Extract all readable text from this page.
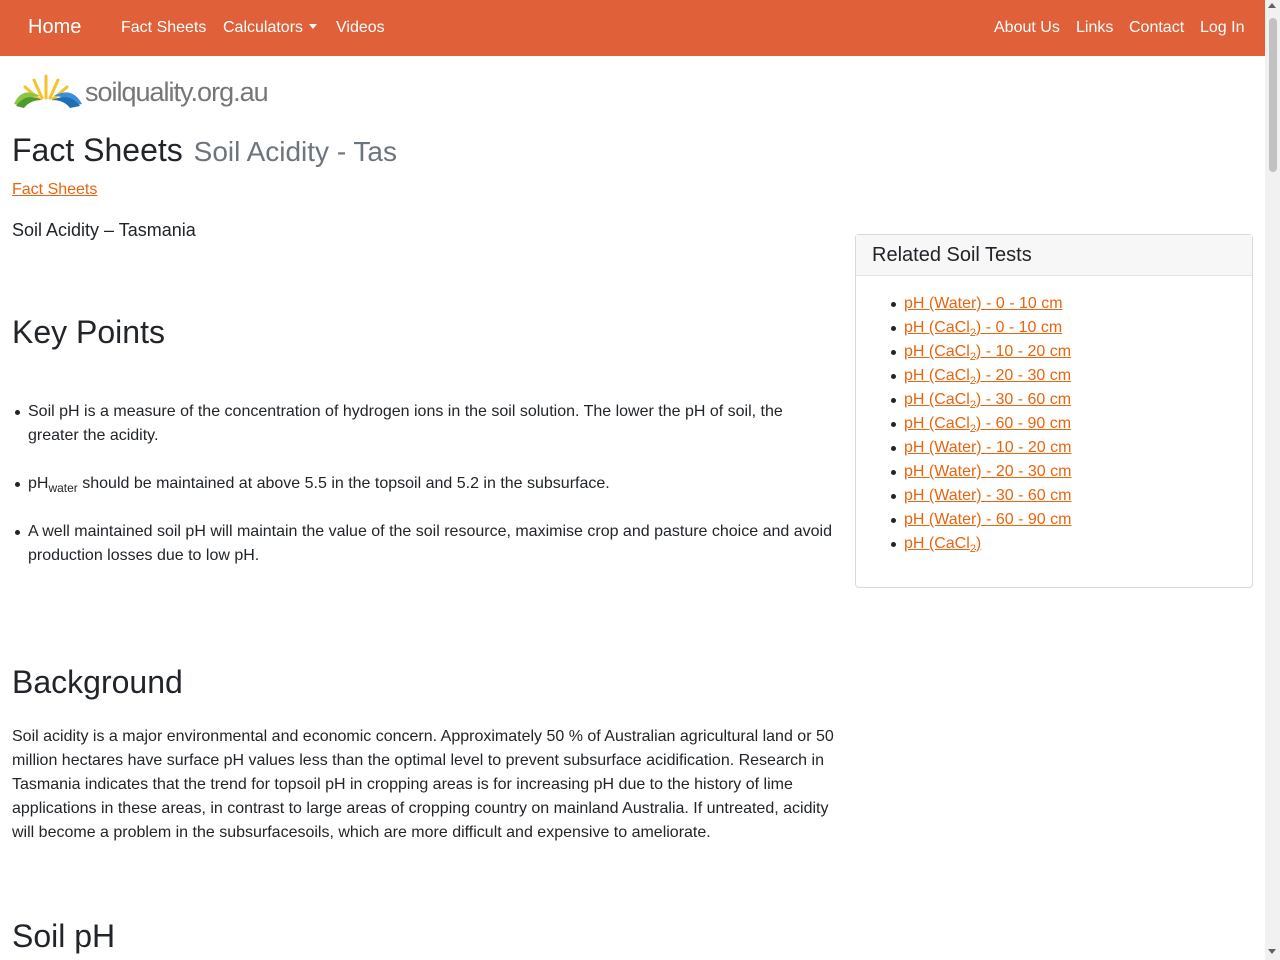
Home Fact Sheets Calculators	Videos	About Us Links Contact Log In
soilquality.org.au
Fact Sheets Soil Acidity - Tas
Fact Sheets
Soil Acidity – Tasmania
Key Points
Soil pH is a measure of the concentration of hydrogen ions in the soil solution. The lower the pH of soil, the greater the acidity.
$pH_{water}$ should be maintained at above 5.5 in the topsoil and 5.2 in the subsurface.
A well maintained soil pH will maintain the value of the soil resource, maximise crop and pasture choice and avoid production losses due to low pH.
Background

Soil acidity is a major environmental and economic concern. Approximately 50 % of Australian agricultural land or 50 million hectares have surface pH values less than the optimal level to prevent subsurface acidification. Research in Tasmania indicates that the trend for topsoil pH in cropping areas is for increasing pH due to the history of lime applications in these areas, in contrast to large areas of cropping country on mainland Australia. If untreated, acidity will become a problem in the subsurfacesoils, which are more difficult and expensive to ameliorate.

Soil pH
Related Soil Tests
pH (Water) - 0 - 10 cm
pH (CaCl$_2$) - 0 - 10 cm
pH (CaCl$_2$) - 10 - 20 cm
pH (CaCl$_2$) - 20 - 30 cm
pH (CaCl$_2$) - 30 - 60 cm
pH (CaCl$_2$) - 60 - 90 cm
pH (Water) - 10 - 20 cm
pH (Water) - 20 - 30 cm
pH (Water) - 30 - 60 cm
pH (Water) - 60 - 90 cm
pH (CaCl$_2$)
